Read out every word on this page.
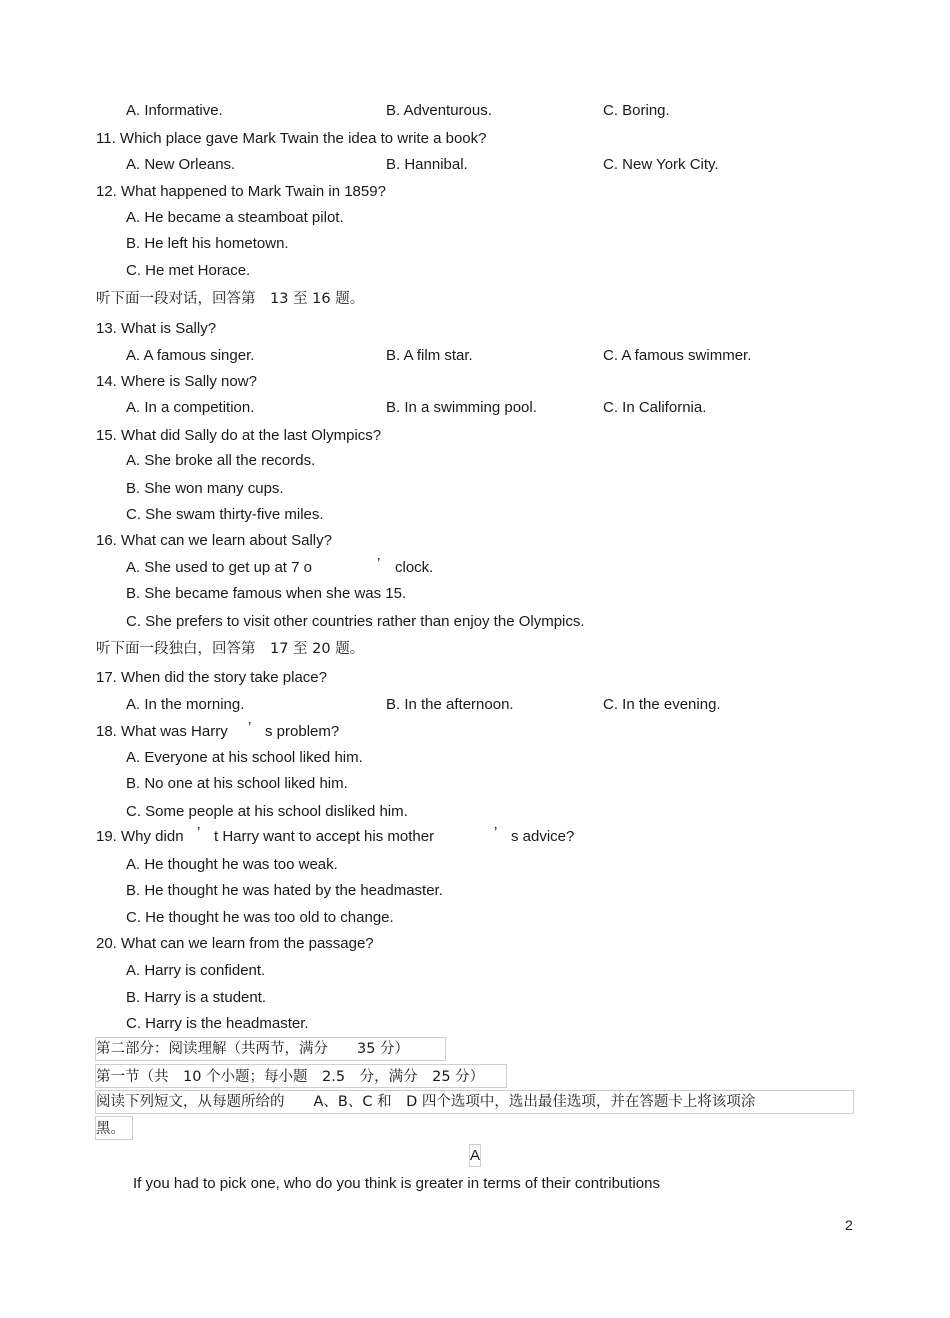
A. Informative.	B. Adventurous.	C. Boring.
11. Which place gave Mark Twain the idea to write a book?
A. New Orleans.	B. Hannibal.	C. New York City.
12. What happened to Mark Twain in 1859?
A. He became a steamboat pilot.
B. He left his hometown.
C. He met Horace.
听下面一段对话，回答第　13 至 16 题。
13. What is Sally?
A. A famous singer.	B. A film star.	C. A famous swimmer.
14. Where is Sally now?
A. In a competition.	B. In a swimming pool.	C. In California.
15. What did Sally do at the last Olympics?
A. She broke all the records.
B. She won many cups.
C. She swam thirty-five miles.
16. What can we learn about Sally?
A. She used to get up at 7 o	’ clock.
B. She became famous when she was 15.
C. She prefers to visit other countries rather than enjoy the Olympics.
听下面一段独白，回答第　17 至 20 题。
17. When did the story take place?
A. In the morning.	B. In the afternoon.	C. In the evening.
18. What was Harry ’ s problem?
A. Everyone at his school liked him.
B. No one at his school liked him.
C. Some people at his school disliked him.
19. Why didn ’ t Harry want to accept his mother	’ s advice?
A. He thought he was too weak.
B. He thought he was hated by the headmaster.
C. He thought he was too old to change.
20. What can we learn from the passage?
A. Harry is confident.
B. Harry is a student.
C. Harry is the headmaster.
第二部分：阅读理解（共两节，满分　　35 分）
第一节（共　10 个小题；每小题　2.5　分，满分　25 分）
阅读下列短文，从每题所给的　　A、B、C 和　D 四个选项中，选出最佳选项，并在答题卡上将该项涂
黑。
A
If you had to pick one, who do you think is greater in terms of their contributions
2
